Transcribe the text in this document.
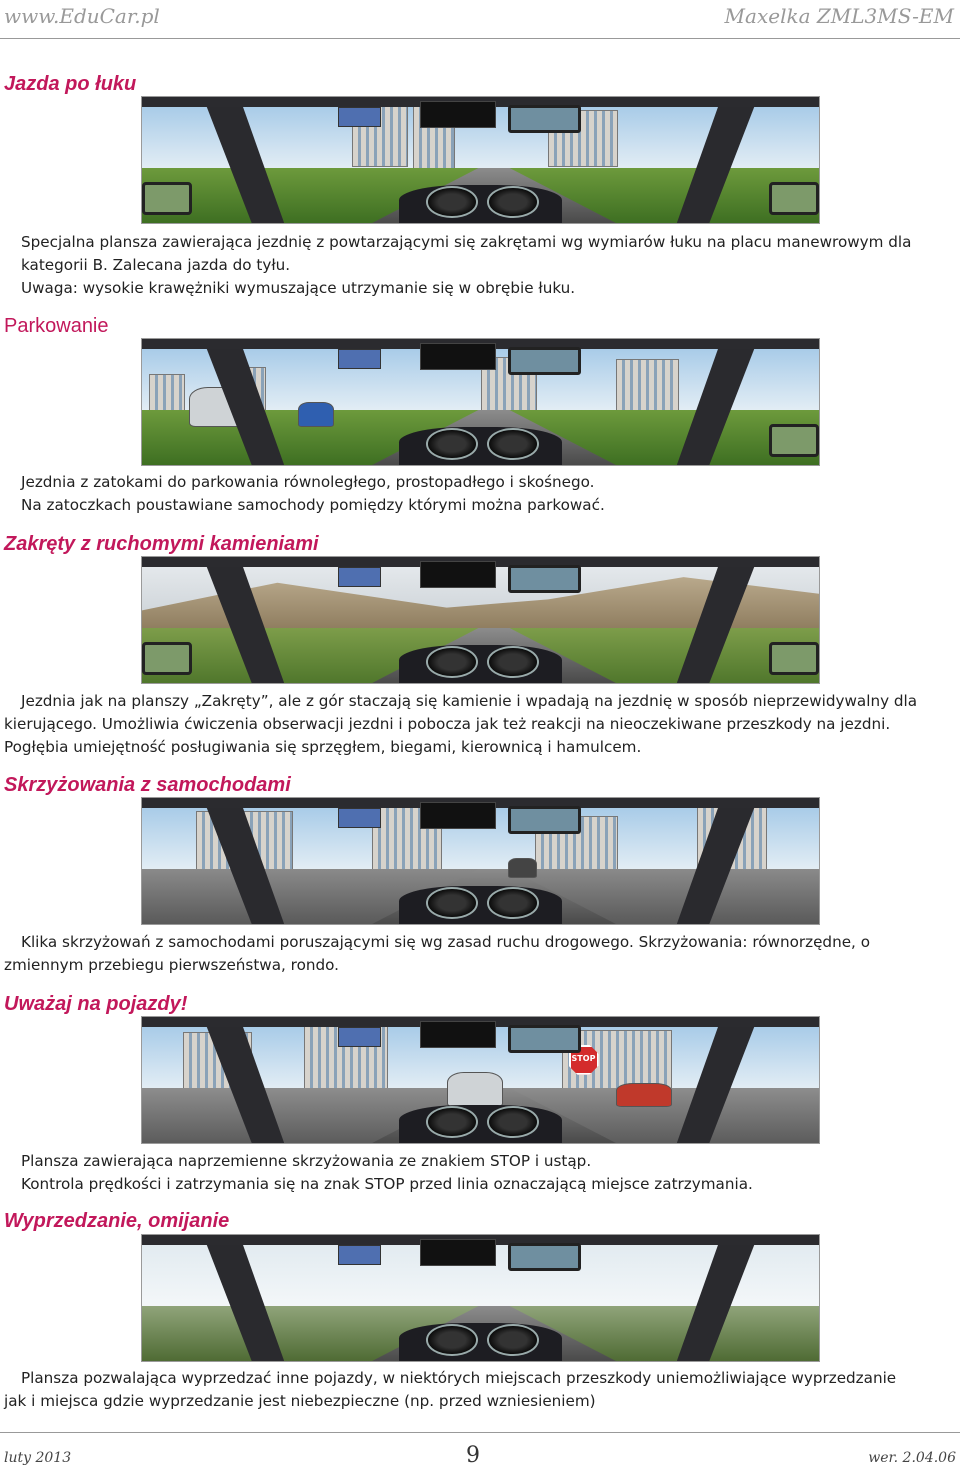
www.EduCar.pl	Maxelka ZML3MS-EM
Jazda po łuku
Specjalna plansza zawierająca jezdnię z powtarzającymi się zakrętami wg wymiarów łuku na placu manewrowym dla
kategorii B. Zalecana jazda do tyłu.
Uwaga: wysokie krawężniki wymuszające utrzymanie się w obrębie łuku.
Parkowanie
Jezdnia z zatokami do parkowania równoległego, prostopadłego i skośnego.
Na zatoczkach poustawiane samochody pomiędzy którymi można parkować.
Zakręty z ruchomymi kamieniami
Jezdnia jak na planszy „Zakręty”, ale z gór staczają się kamienie i wpadają na jezdnię w sposób nieprzewidywalny dla
kierującego. Umożliwia ćwiczenia obserwacji jezdni i pobocza jak też reakcji na nieoczekiwane przeszkody na jezdni.
Pogłębia umiejętność posługiwania się sprzęgłem, biegami, kierownicą i hamulcem.
Skrzyżowania z samochodami
Klika skrzyżowań z samochodami poruszającymi się wg zasad ruchu drogowego. Skrzyżowania: równorzędne, o
zmiennym przebiegu pierwszeństwa, rondo.
Uważaj na pojazdy!
Plansza zawierająca naprzemienne skrzyżowania ze znakiem STOP i ustąp.
Kontrola prędkości i zatrzymania się na znak STOP przed linia oznaczającą miejsce zatrzymania.
Wyprzedzanie, omijanie
Plansza pozwalająca wyprzedzać inne pojazdy, w niektórych miejscach przeszkody uniemożliwiające wyprzedzanie
jak i miejsca gdzie wyprzedzanie jest niebezpieczne (np. przed wzniesieniem)
luty 2013	9	wer. 2.04.06
